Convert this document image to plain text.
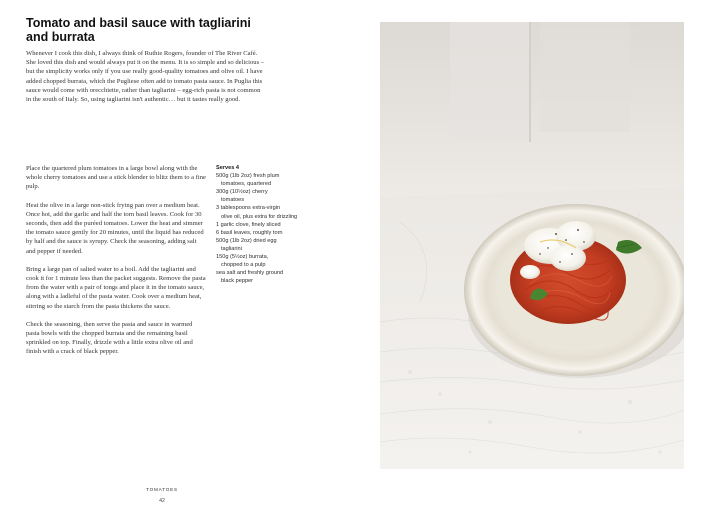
Tomato and basil sauce with tagliarini and burrata

Whenever I cook this dish, I always think of Ruthie Rogers, founder of The River Café. She loved this dish and would always put it on the menu. It is so simple and so delicious – but the simplicity works only if you use really good-quality tomatoes and olive oil. I have added chopped burrata, which the Pugliese often add to tomato pasta sauce. In Puglia this sauce would come with orecchiette, rather than tagliarini – egg-rich pasta is not common in the south of Italy. So, using tagliarini isn't authentic… but it tastes really good.

Place the quartered plum tomatoes in a large bowl along with the whole cherry tomatoes and use a stick blender to blitz them to a fine pulp.

Heat the olive in a large non-stick frying pan over a medium heat. Once hot, add the garlic and half the torn basil leaves. Cook for 30 seconds, then add the puréed tomatoes. Lower the heat and simmer the tomato sauce gently for 20 minutes, until the liquid has reduced by half and the sauce is syrupy. Check the seasoning, adding salt and pepper if needed.

Bring a large pan of salted water to a boil. Add the tagliarini and cook it for 1 minute less than the packet suggests. Remove the pasta from the water with a pair of tongs and place it in the tomato sauce, along with a ladleful of the pasta water. Cook over a medium heat, stirring so the starch from the pasta thickens the sauce.

Check the seasoning, then serve the pasta and sauce in warmed pasta bowls with the chopped burrata and the remaining basil sprinkled on top. Finally, drizzle with a little extra olive oil and finish with a crack of black pepper.

Serves 4
500g (1lb 2oz) fresh plum
tomatoes, quartered
300g (10½oz) cherry
tomatoes
3 tablespoons extra-virgin
olive oil, plus extra for drizzling
1 garlic clove, finely sliced
6 basil leaves, roughly torn
500g (1lb 2oz) dried egg
tagliarini
150g (5½oz) burrata,
chopped to a pulp
sea salt and freshly ground
black pepper
TOMATOES
42
